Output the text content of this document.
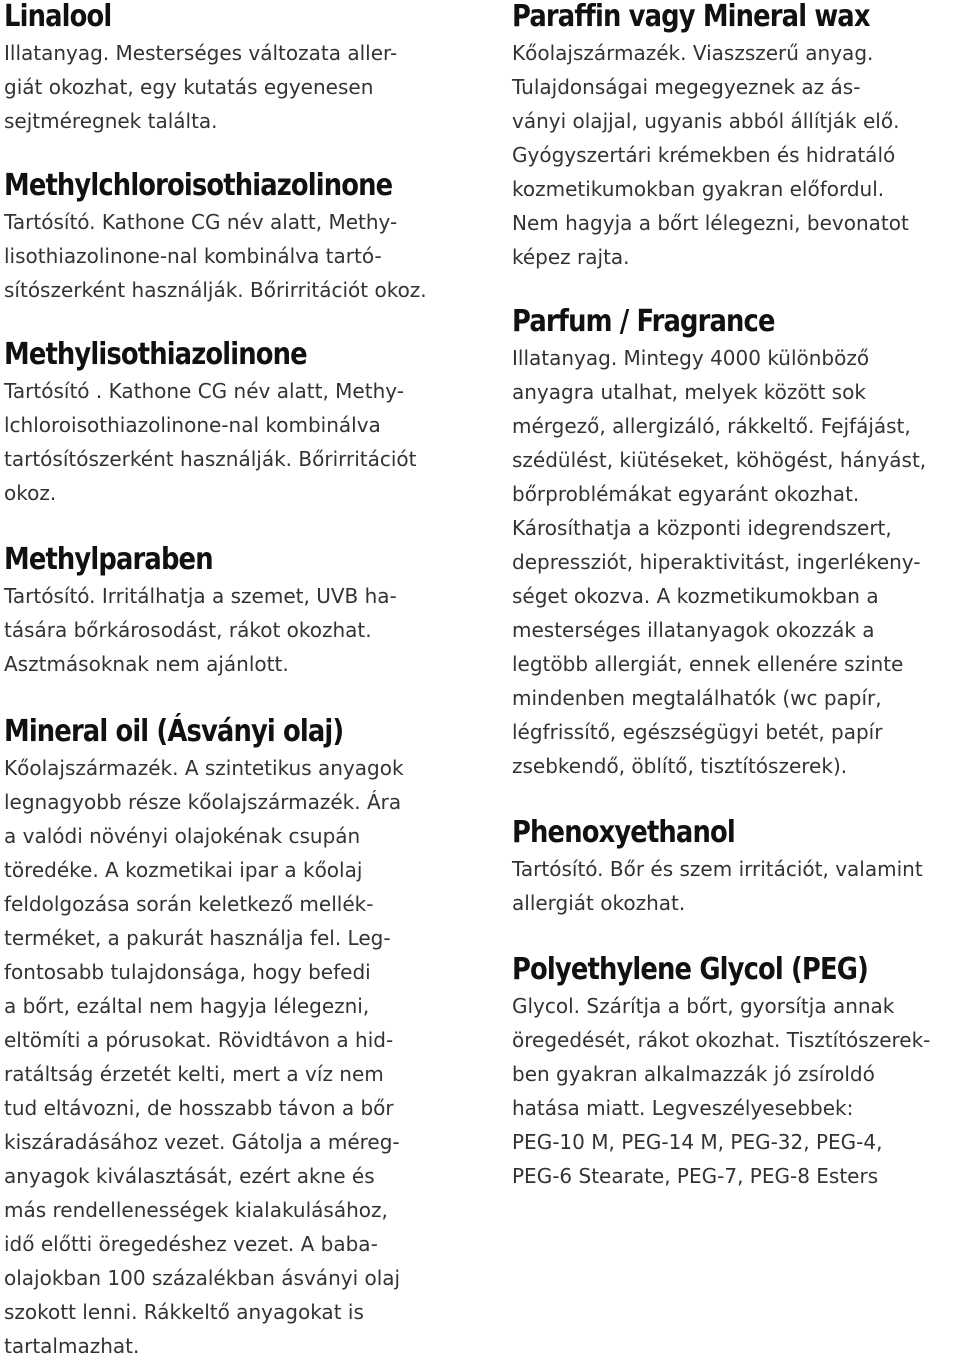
Linalool
Illatanyag. Mesterséges változata aller-
giát okozhat, egy kutatás egyenesen
sejtméregnek találta.
Methylchloroisothiazolinone
Tartósító. Kathone CG név alatt, Methy-
lisothiazolinone-nal kombinálva tartó-
sítószerként használják. Bőrirritációt okoz.
Methylisothiazolinone
Tartósító . Kathone CG név alatt, Methy-
lchloroisothiazolinone-nal kombinálva
tartósítószerként használják. Bőrirritációt
okoz.
Methylparaben
Tartósító. Irritálhatja a szemet, UVB ha-
tására bőrkárosodást, rákot okozhat.
Asztmásoknak nem ajánlott.
Mineral oil (Ásványi olaj)
Kőolajszármazék. A szintetikus anyagok
legnagyobb része kőolajszármazék. Ára
a valódi növényi olajokénak csupán
töredéke. A kozmetikai ipar a kőolaj
feldolgozása során keletkező mellék-
terméket, a pakurát használja fel. Leg-
fontosabb tulajdonsága, hogy befedi
a bőrt, ezáltal nem hagyja lélegezni,
eltömíti a pórusokat. Rövidtávon a hid-
ratáltság érzetét kelti, mert a víz nem
tud eltávozni, de hosszabb távon a bőr
kiszáradásához vezet. Gátolja a méreg-
anyagok kiválasztását, ezért akne és
más rendellenességek kialakulásához,
idő előtti öregedéshez vezet. A baba-
olajokban 100 százalékban ásványi olaj
szokott lenni. Rákkeltő anyagokat is
tartalmazhat.
Paraffin vagy Mineral wax
Kőolajszármazék. Viaszszerű anyag.
Tulajdonságai megegyeznek az ás-
ványi olajjal, ugyanis abból állítják elő.
Gyógyszertári krémekben és hidratáló
kozmetikumokban gyakran előfordul.
Nem hagyja a bőrt lélegezni, bevonatot
képez rajta.
Parfum / Fragrance
Illatanyag. Mintegy 4000 különböző
anyagra utalhat, melyek között sok
mérgező, allergizáló, rákkeltő. Fejfájást,
szédülést, kiütéseket, köhögést, hányást,
bőrproblémákat egyaránt okozhat.
Károsíthatja a központi idegrendszert,
depressziót, hiperaktivitást, ingerlékeny-
séget okozva. A kozmetikumokban a
mesterséges illatanyagok okozzák a
legtöbb allergiát, ennek ellenére szinte
mindenben megtalálhatók (wc papír,
légfrissítő, egészségügyi betét, papír
zsebkendő, öblítő, tisztítószerek).
Phenoxyethanol
Tartósító. Bőr és szem irritációt, valamint
allergiát okozhat.
Polyethylene Glycol (PEG)
Glycol. Szárítja a bőrt, gyorsítja annak
öregedését, rákot okozhat. Tisztítószerek-
ben gyakran alkalmazzák jó zsíroldó
hatása miatt. Legveszélyesebbek:
PEG-10 M, PEG-14 M, PEG-32, PEG-4,
PEG-6 Stearate, PEG-7, PEG-8 Esters
